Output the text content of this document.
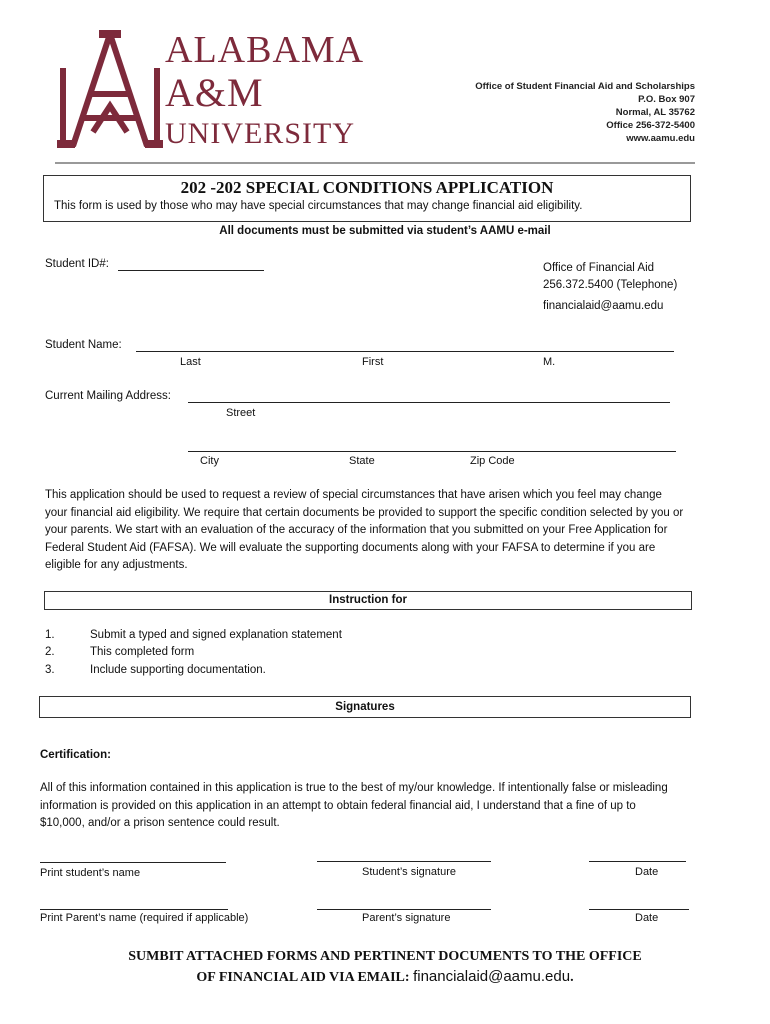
ALABAMA
A&M
UNIVERSITY
Office of Student Financial Aid and Scholarships
P.O. Box 907
Normal, AL 35762
Office 256-372-5400
www.aamu.edu
202 -202 SPECIAL CONDITIONS APPLICATION
This form is used by those who may have special circumstances that may change financial aid eligibility.
All documents must be submitted via student’s AAMU e-mail
Student ID#:	Office of Financial Aid
256.372.5400 (Telephone)
financialaid@aamu.edu
Student Name:
Last	First	M.
Current Mailing Address:
Street
City	State	Zip Code
This application should be used to request a review of special circumstances that have arisen which you feel may change your financial aid eligibility. We require that certain documents be provided to support the specific condition selected by you or your parents. We start with an evaluation of the accuracy of the information that you submitted on your Free Application for Federal Student Aid (FAFSA). We will evaluate the supporting documents along with your FAFSA to determine if you are eligible for any adjustments.
Instruction for
1.	Submit a typed and signed explanation statement
2.	This completed form
3.	Include supporting documentation.
Signatures
Certification:
All of this information contained in this application is true to the best of my/our knowledge. If intentionally false or misleading information is provided on this application in an attempt to obtain federal financial aid, I understand that a fine of up to $10,000, and/or a prison sentence could result.
Print student’s name	Student’s signature	Date
Print Parent’s name (required if applicable)	Parent’s signature	Date
SUMBIT ATTACHED FORMS AND PERTINENT DOCUMENTS TO THE OFFICE
OF FINANCIAL AID VIA EMAIL: financialaid@aamu.edu.
